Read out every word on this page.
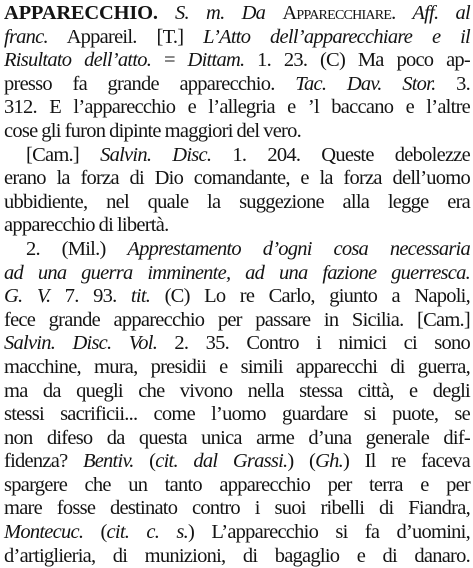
APPARECCHIO. S. m. Da Apparecchiare. Aff. al
franc. Appareil. [T.] L’Atto dell’apparecchiare e il
Risultato dell’atto. = Dittam. 1. 23. (C) Ma poco ap-
presso fa grande apparecchio. Tac. Dav. Stor. 3.
312. E l’apparecchio e l’allegria e ’l baccano e l’altre
cose gli furon dipinte maggiori del vero.
[Cam.] Salvin. Disc. 1. 204. Queste debolezze
erano la forza di Dio comandante, e la forza dell’uomo
ubbidiente, nel quale la suggezione alla legge era
apparecchio di libertà.
2. (Mil.) Apprestamento d’ogni cosa necessaria
ad una guerra imminente, ad una fazione guerresca.
G. V. 7. 93. tit. (C) Lo re Carlo, giunto a Napoli,
fece grande apparecchio per passare in Sicilia. [Cam.]
Salvin. Disc. Vol. 2. 35. Contro i nimici ci sono
macchine, mura, presidii e simili apparecchi di guerra,
ma da quegli che vivono nella stessa città, e degli
stessi sacrificii... come l’uomo guardare si puote, se
non difeso da questa unica arme d’una generale dif-
fidenza? Bentiv. (cit. dal Grassi.) (Gh.) Il re faceva
spargere che un tanto apparecchio per terra e per
mare fosse destinato contro i suoi ribelli di Fiandra,
Montecuc. (cit. c. s.) L’apparecchio si fa d’uomini,
d’artiglieria, di munizioni, di bagaglio e di danaro.
